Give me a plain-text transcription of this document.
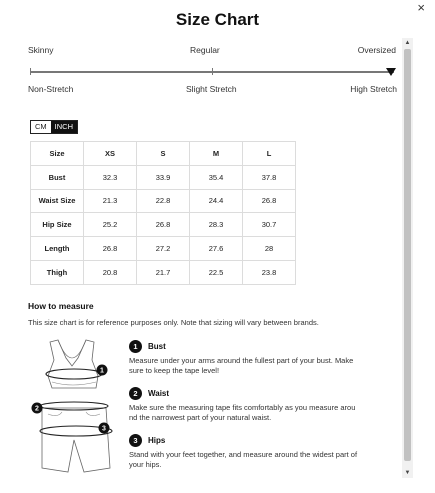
Size Chart
×
Skinny	Regular	Oversized
Non-Stretch	Slight Stretch	High Stretch
CM	INCH
Size	XS	S	M	L
Bust	32.3	33.9	35.4	37.8
Waist Size	21.3	22.8	24.4	26.8
Hip Size	25.2	26.8	28.3	30.7
Length	26.8	27.2	27.6	28
Thigh	20.8	21.7	22.5	23.8
How to measure
This size chart is for reference purposes only. Note that sizing will vary between brands.
1
2
3
1	Bust
Measure under your arms around the fullest part of your bust. Make
sure to keep the tape level!
2	Waist
Make sure the measuring tape fits comfortably as you measure arou
nd the narrowest part of your natural waist.
3	Hips
Stand with your feet together, and measure around the widest part of
your hips.
▲
▼
